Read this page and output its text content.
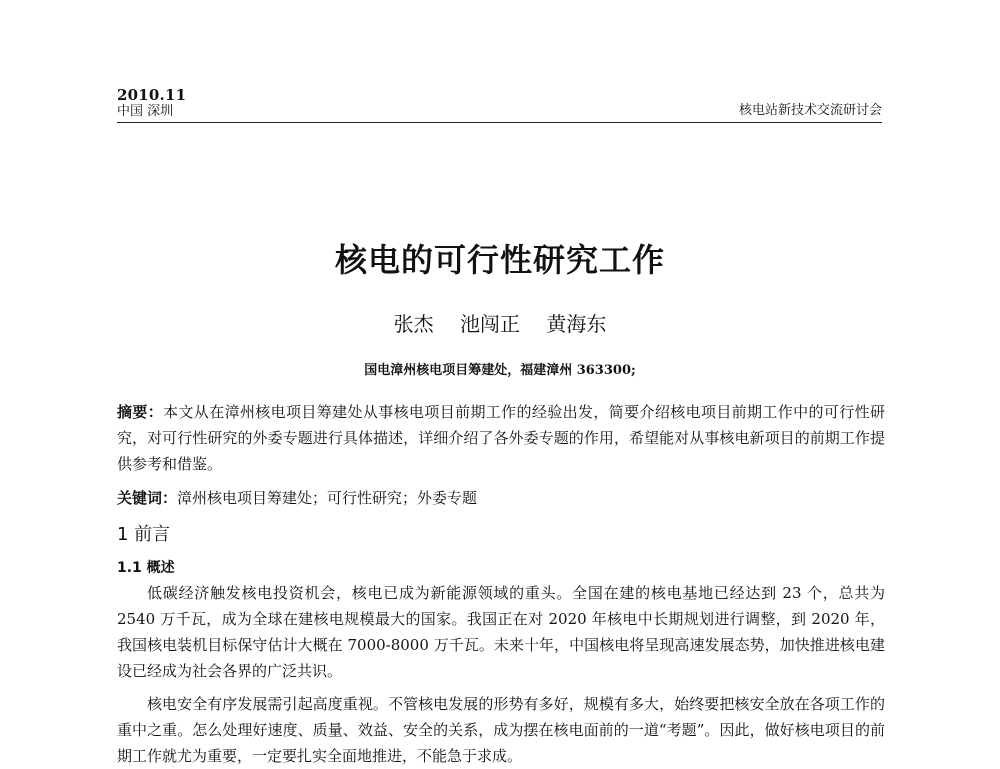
2010.11
中国 深圳	核电站新技术交流研讨会
核电的可行性研究工作
张杰 池闯正 黄海东
国电漳州核电项目筹建处，福建漳州 363300;
摘要：本文从在漳州核电项目筹建处从事核电项目前期工作的经验出发，简要介绍核电项目前期工作中的可行性研究，对可行性研究的外委专题进行具体描述，详细介绍了各外委专题的作用，希望能对从事核电新项目的前期工作提供参考和借鉴。
关键词：漳州核电项目筹建处；可行性研究；外委专题
1 前言
1.1 概述
低碳经济触发核电投资机会，核电已成为新能源领域的重头。全国在建的核电基地已经达到 23 个，总共为 2540 万千瓦，成为全球在建核电规模最大的国家。我国正在对 2020 年核电中长期规划进行调整，到 2020 年，我国核电装机目标保守估计大概在 7000-8000 万千瓦。未来十年，中国核电将呈现高速发展态势，加快推进核电建设已经成为社会各界的广泛共识。
核电安全有序发展需引起高度重视。不管核电发展的形势有多好，规模有多大，始终要把核安全放在各项工作的重中之重。怎么处理好速度、质量、效益、安全的关系，成为摆在核电面前的一道“考题”。因此，做好核电项目的前期工作就尤为重要，一定要扎实全面地推进，不能急于求成。
